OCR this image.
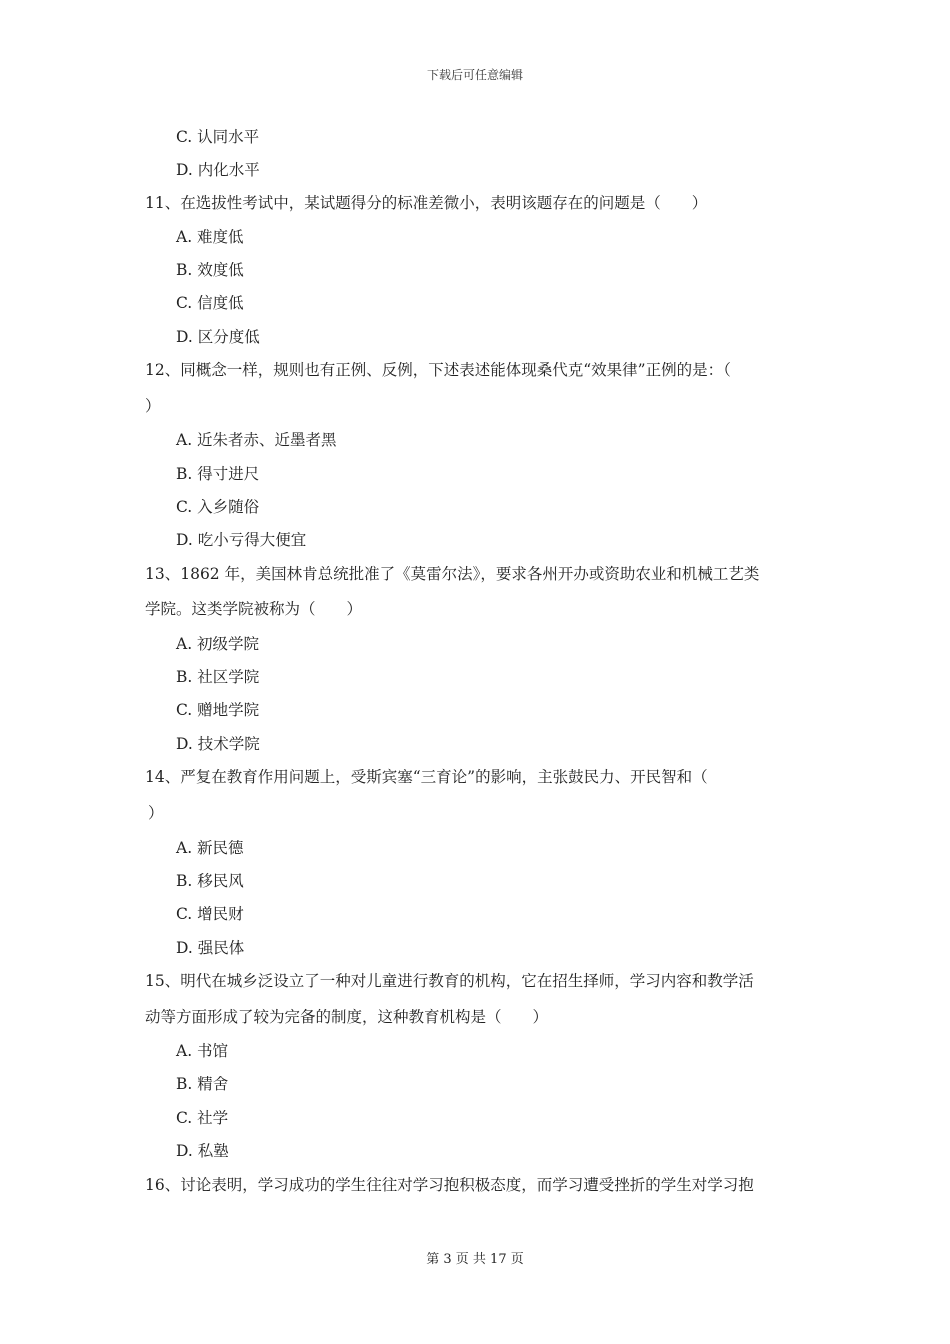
下载后可任意编辑
C. 认同水平
D. 内化水平
11、在选拔性考试中，某试题得分的标准差微小，表明该题存在的问题是（　　）
A. 难度低
B. 效度低
C. 信度低
D. 区分度低
12、同概念一样，规则也有正例、反例，下述表述能体现桑代克“效果律”正例的是：（
）
A. 近朱者赤、近墨者黑
B. 得寸进尺
C. 入乡随俗
D. 吃小亏得大便宜
13、1862 年，美国林肯总统批准了《莫雷尔法》，要求各州开办或资助农业和机械工艺类
学院。这类学院被称为（　　）
A. 初级学院
B. 社区学院
C. 赠地学院
D. 技术学院
14、严复在教育作用问题上，受斯宾塞“三育论”的影响，主张鼓民力、开民智和（
）
A. 新民德
B. 移民风
C. 增民财
D. 强民体
15、明代在城乡泛设立了一种对儿童进行教育的机构，它在招生择师，学习内容和教学活
动等方面形成了较为完备的制度，这种教育机构是（　　）
A. 书馆
B. 精舍
C. 社学
D. 私塾
16、讨论表明，学习成功的学生往往对学习抱积极态度，而学习遭受挫折的学生对学习抱
第 3 页 共 17 页
